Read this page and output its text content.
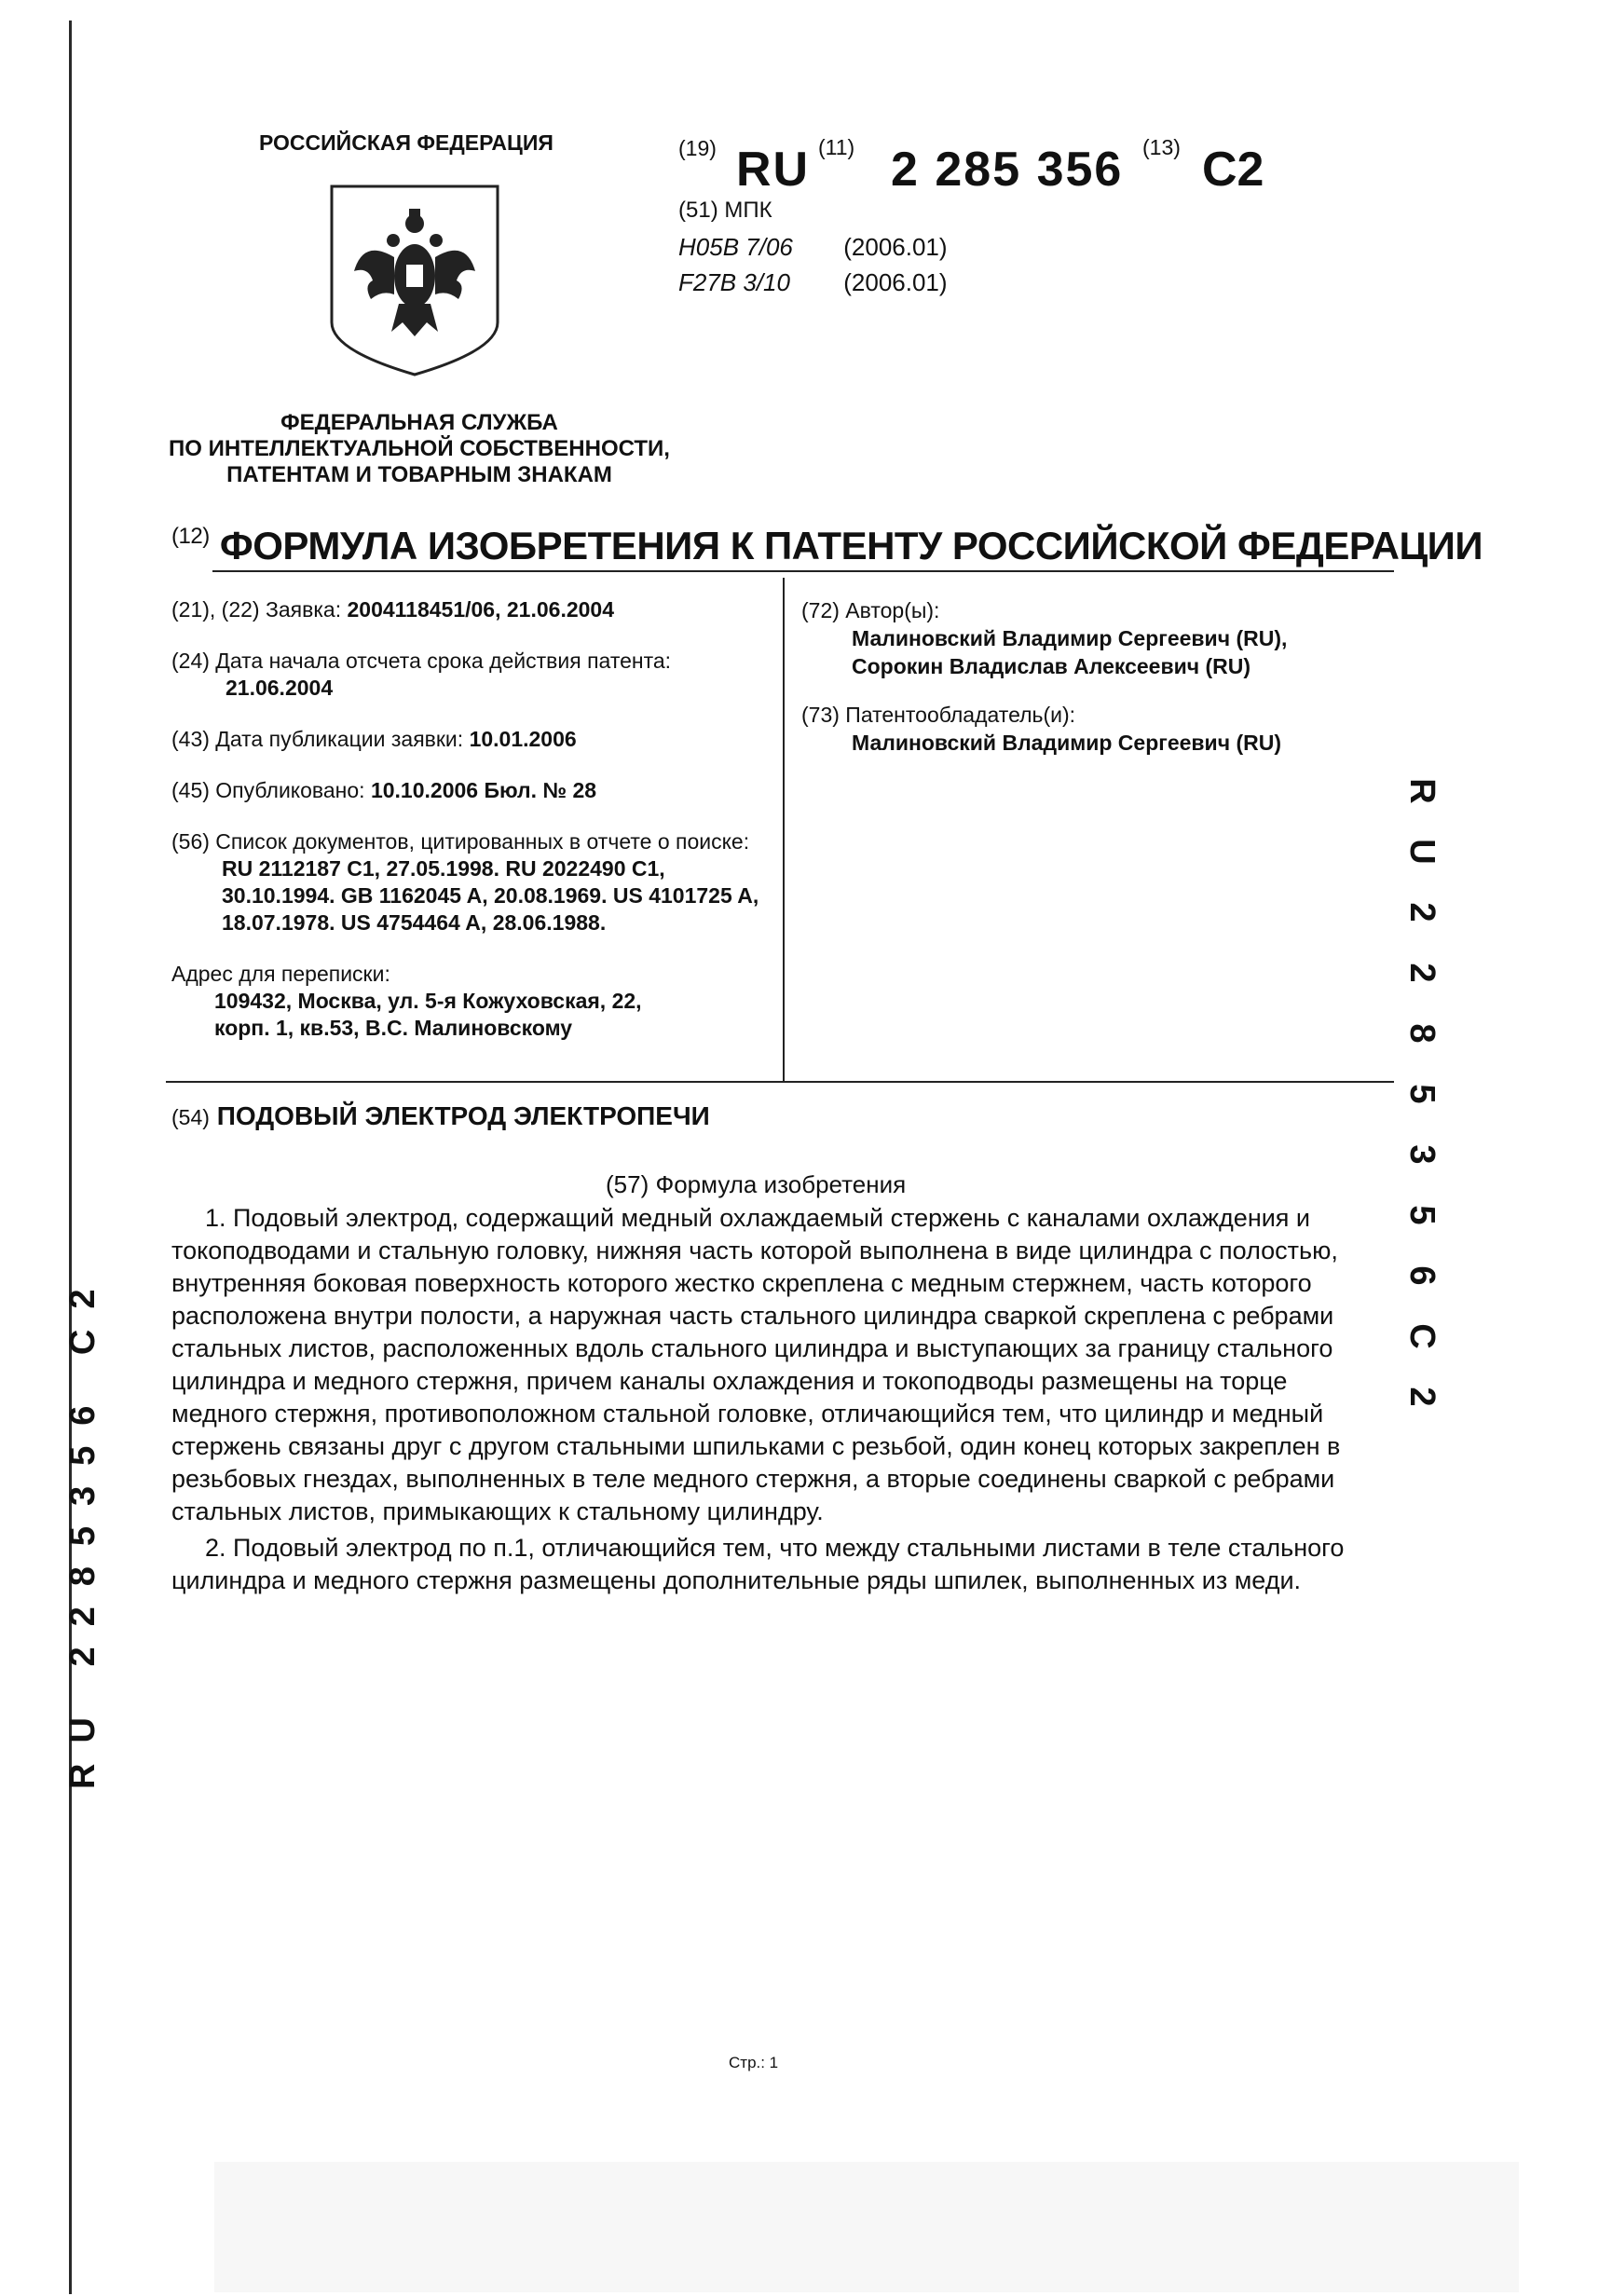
РОССИЙСКАЯ ФЕДЕРАЦИЯ
ФЕДЕРАЛЬНАЯ СЛУЖБА
ПО ИНТЕЛЛЕКТУАЛЬНОЙ СОБСТВЕННОСТИ,
ПАТЕНТАМ И ТОВАРНЫМ ЗНАКАМ
(19) RU (11) 2 285 356 (13) C2
(51) МПК
H05B 7/06 (2006.01)
F27B 3/10 (2006.01)
$^{(12)}$ ФОРМУЛА ИЗОБРЕТЕНИЯ К ПАТЕНТУ РОССИЙСКОЙ ФЕДЕРАЦИИ
(21), (22) Заявка: 2004118451/06, 21.06.2004
(24) Дата начала отсчета срока действия патента:
21.06.2004
(43) Дата публикации заявки: 10.01.2006
(45) Опубликовано: 10.10.2006 Бюл. № 28
(56) Список документов, цитированных в отчете о поиске: RU 2112187 C1, 27.05.1998. RU 2022490 C1, 30.10.1994. GB 1162045 A, 20.08.1969. US 4101725 A, 18.07.1978. US 4754464 A, 28.06.1988.
Адрес для переписки:
109432, Москва, ул. 5-я Кожуховская, 22,
корп. 1, кв.53, В.С. Малиновскому
(72) Автор(ы):
Малиновский Владимир Сергеевич (RU),
Сорокин Владислав Алексеевич (RU)
(73) Патентообладатель(и):
Малиновский Владимир Сергеевич (RU)
(54) ПОДОВЫЙ ЭЛЕКТРОД ЭЛЕКТРОПЕЧИ
(57) Формула изобретения

1. Подовый электрод, содержащий медный охлаждаемый стержень с каналами охлаждения и токоподводами и стальную головку, нижняя часть которой выполнена в виде цилиндра с полостью, внутренняя боковая поверхность которого жестко скреплена с медным стержнем, часть которого расположена внутри полости, а наружная часть стального цилиндра сваркой скреплена с ребрами стальных листов, расположенных вдоль стального цилиндра и выступающих за границу стального цилиндра и медного стержня, причем каналы охлаждения и токоподводы размещены на торце медного стержня, противоположном стальной головке, отличающийся тем, что цилиндр и медный стержень связаны друг с другом стальными шпильками с резьбой, один конец которых закреплен в резьбовых гнездах, выполненных в теле медного стержня, а вторые соединены сваркой с ребрами стальных листов, примыкающих к стальному цилиндру.

2. Подовый электрод по п.1, отличающийся тем, что между стальными листами в теле стального цилиндра и медного стержня размещены дополнительные ряды шпилек, выполненных из меди.

R
U
2
2
8
5
3
5
6
C
2
RU 2285356 C2
Стр.: 1
